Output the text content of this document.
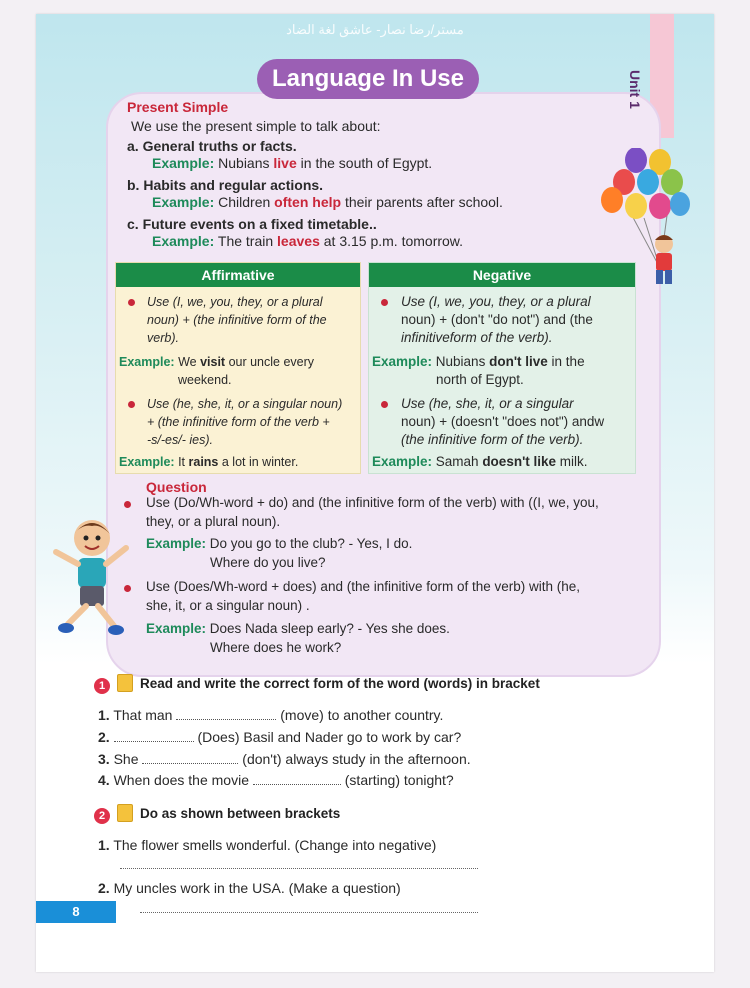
مستر/رضا نصار- عاشق لغة الضاد
Language In Use	Unit 1
Present Simple
We use the present simple to talk about:
a. General truths or facts.
Example: Nubians live in the south of Egypt.
b. Habits and regular actions.
Example: Children often help their parents after school.
c. Future events on a fixed timetable..
Example: The train leaves at 3.15 p.m. tomorrow.
Affirmative
Use (I, we, you, they, or a plural
noun) + (the infinitive form of the
verb).
Example: We visit our uncle every
weekend.
Use (he, she, it, or a singular noun)
+ (the infinitive form of the verb +
-s/-es/- ies).
Example: It rains a lot in winter.
Negative
Use (I, we, you, they, or a plural
noun) + (don't "do not") and (the
infinitiveform of the verb).
Example: Nubians don't live in the
north of Egypt.
Use (he, she, it, or a singular
noun) + (doesn't "does not") andw
(the infinitive form of the verb).
Example: Samah doesn't like milk.
Question
Use (Do/Wh-word + do) and (the infinitive form of the verb) with ((I, we, you,
they, or a plural noun).
Example: Do you go to the club? - Yes, I do.
Where do you live?
Use (Does/Wh-word + does) and (the infinitive form of the verb) with (he,
she, it, or a singular noun) .
Example: Does Nada sleep early? - Yes she does.
Where does he work?
1	Read and write the correct form of the word (words) in bracket
1. That man	(move) to another country.
2.	(Does) Basil and Nader go to work by car?
3. She	(don't) always study in the afternoon.
4. When does the movie	(starting) tonight?
2	Do as shown between brackets
1. The flower smells wonderful. (Change into negative)
2. My uncles work in the USA. (Make a question)
8
